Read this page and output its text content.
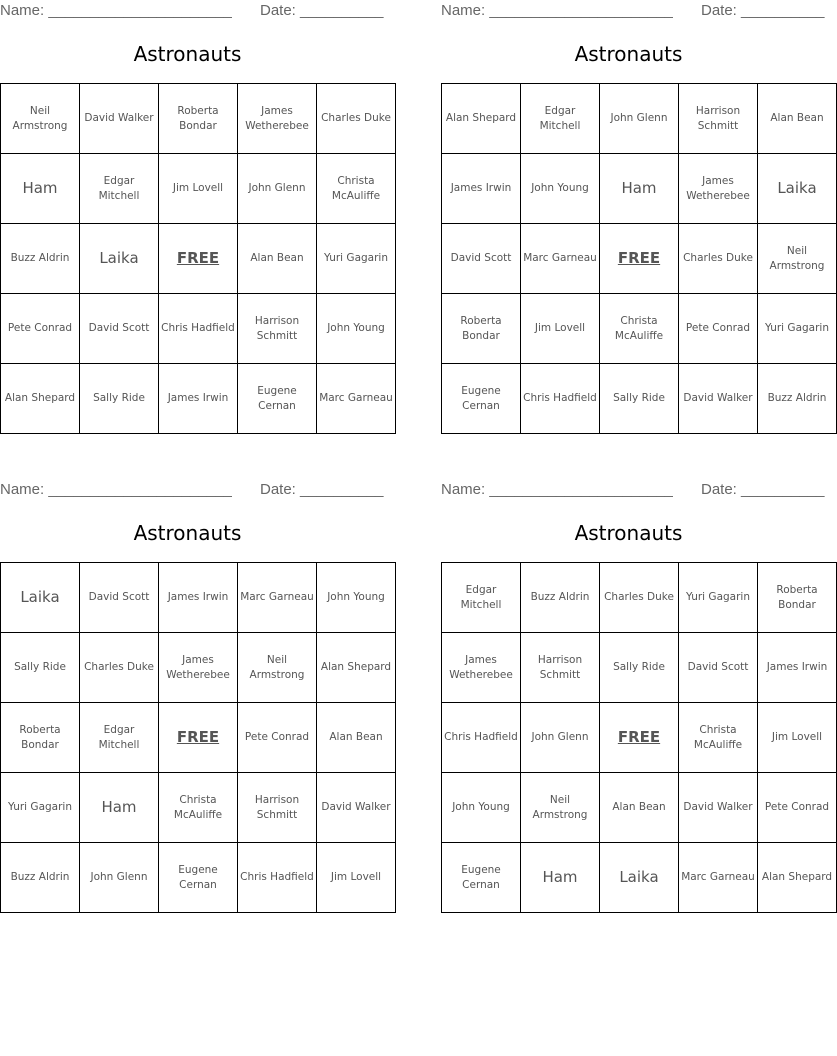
Name: ______________________ Date: __________
Astronauts
Neil Armstrong	David Walker	Roberta Bondar	James Wetherebee	Charles Duke
Ham	Edgar Mitchell	Jim Lovell	John Glenn	Christa McAuliffe
Buzz Aldrin	Laika	FREE	Alan Bean	Yuri Gagarin
Pete Conrad	David Scott	Chris Hadfield	Harrison Schmitt	John Young
Alan Shepard	Sally Ride	James Irwin	Eugene Cernan	Marc Garneau
Name: ______________________ Date: __________
Astronauts
Alan Shepard	Edgar Mitchell	John Glenn	Harrison Schmitt	Alan Bean
James Irwin	John Young	Ham	James Wetherebee	Laika
David Scott	Marc Garneau	FREE	Charles Duke	Neil Armstrong
Roberta Bondar	Jim Lovell	Christa McAuliffe	Pete Conrad	Yuri Gagarin
Eugene Cernan	Chris Hadfield	Sally Ride	David Walker	Buzz Aldrin
Name: ______________________ Date: __________
Astronauts
Laika	David Scott	James Irwin	Marc Garneau	John Young
Sally Ride	Charles Duke	James Wetherebee	Neil Armstrong	Alan Shepard
Roberta Bondar	Edgar Mitchell	FREE	Pete Conrad	Alan Bean
Yuri Gagarin	Ham	Christa McAuliffe	Harrison Schmitt	David Walker
Buzz Aldrin	John Glenn	Eugene Cernan	Chris Hadfield	Jim Lovell
Name: ______________________ Date: __________
Astronauts
Edgar Mitchell	Buzz Aldrin	Charles Duke	Yuri Gagarin	Roberta Bondar
James Wetherebee	Harrison Schmitt	Sally Ride	David Scott	James Irwin
Chris Hadfield	John Glenn	FREE	Christa McAuliffe	Jim Lovell
John Young	Neil Armstrong	Alan Bean	David Walker	Pete Conrad
Eugene Cernan	Ham	Laika	Marc Garneau	Alan Shepard
